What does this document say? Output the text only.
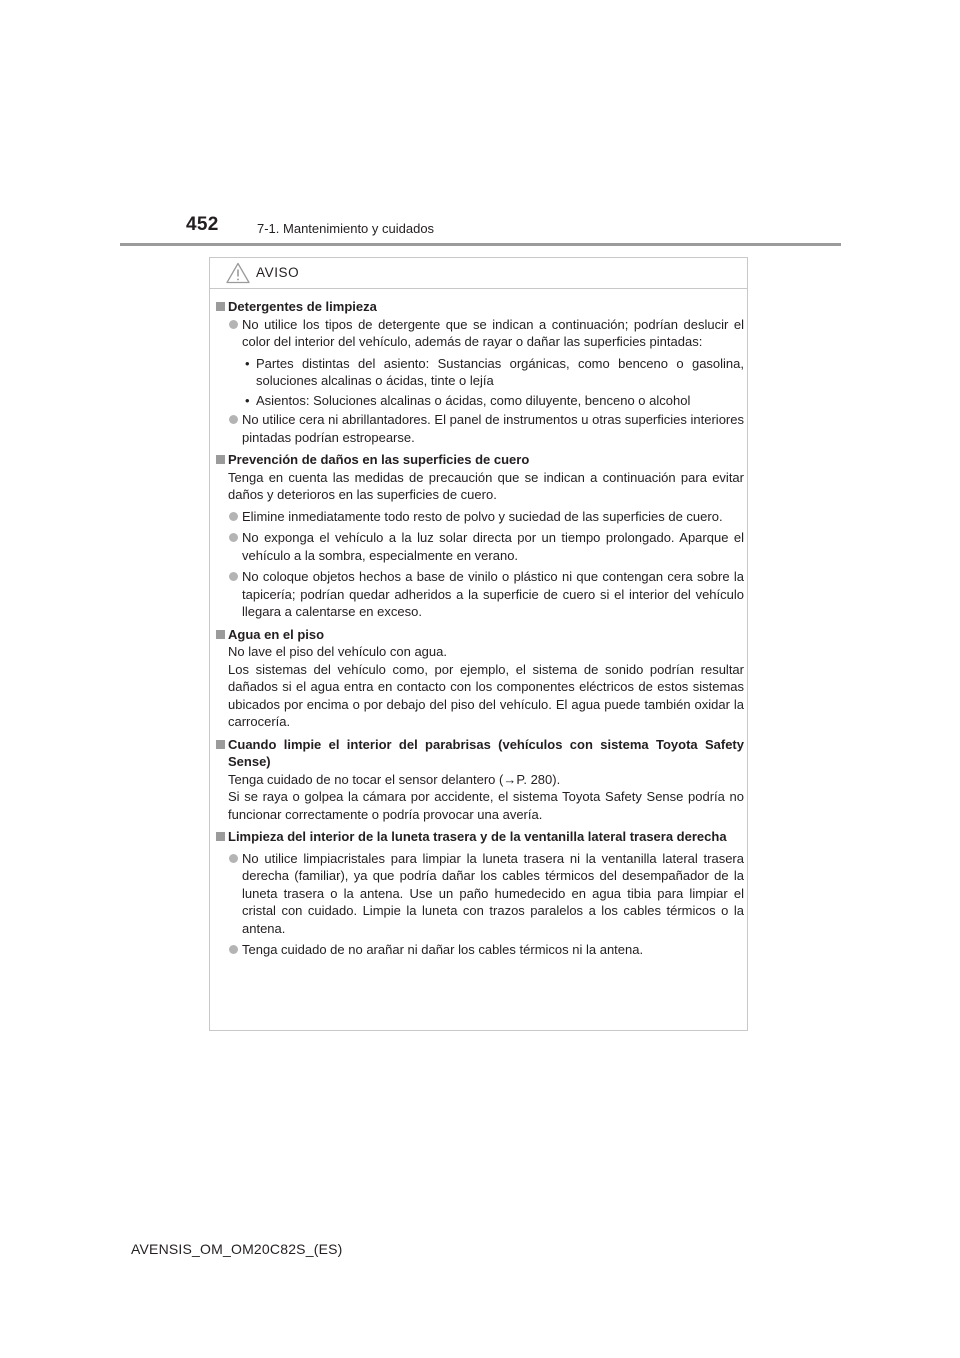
452	7-1. Mantenimiento y cuidados
AVISO
Detergentes de limpieza
No utilice los tipos de detergente que se indican a continuación; podrían deslucir el color del interior del vehículo, además de rayar o dañar las superficies pintadas:
• Partes distintas del asiento: Sustancias orgánicas, como benceno o gasolina, soluciones alcalinas o ácidas, tinte o lejía
• Asientos: Soluciones alcalinas o ácidas, como diluyente, benceno o alcohol
No utilice cera ni abrillantadores. El panel de instrumentos u otras superficies interiores pintadas podrían estropearse.
Prevención de daños en las superficies de cuero
Tenga en cuenta las medidas de precaución que se indican a continuación para evitar daños y deterioros en las superficies de cuero.
Elimine inmediatamente todo resto de polvo y suciedad de las superficies de cuero.
No exponga el vehículo a la luz solar directa por un tiempo prolongado. Aparque el vehículo a la sombra, especialmente en verano.
No coloque objetos hechos a base de vinilo o plástico ni que contengan cera sobre la tapicería; podrían quedar adheridos a la superficie de cuero si el interior del vehículo llegara a calentarse en exceso.
Agua en el piso
No lave el piso del vehículo con agua.
Los sistemas del vehículo como, por ejemplo, el sistema de sonido podrían resultar dañados si el agua entra en contacto con los componentes eléctricos de estos sistemas ubicados por encima o por debajo del piso del vehículo. El agua puede también oxidar la carrocería.
Cuando limpie el interior del parabrisas (vehículos con sistema Toyota Safety Sense)
Tenga cuidado de no tocar el sensor delantero (→P. 280).
Si se raya o golpea la cámara por accidente, el sistema Toyota Safety Sense podría no funcionar correctamente o podría provocar una avería.
Limpieza del interior de la luneta trasera y de la ventanilla lateral trasera derecha
No utilice limpiacristales para limpiar la luneta trasera ni la ventanilla lateral trasera derecha (familiar), ya que podría dañar los cables térmicos del desempañador de la luneta trasera o la antena. Use un paño humedecido en agua tibia para limpiar el cristal con cuidado. Limpie la luneta con trazos paralelos a los cables térmicos o la antena.
Tenga cuidado de no arañar ni dañar los cables térmicos ni la antena.
AVENSIS_OM_OM20C82S_(ES)
